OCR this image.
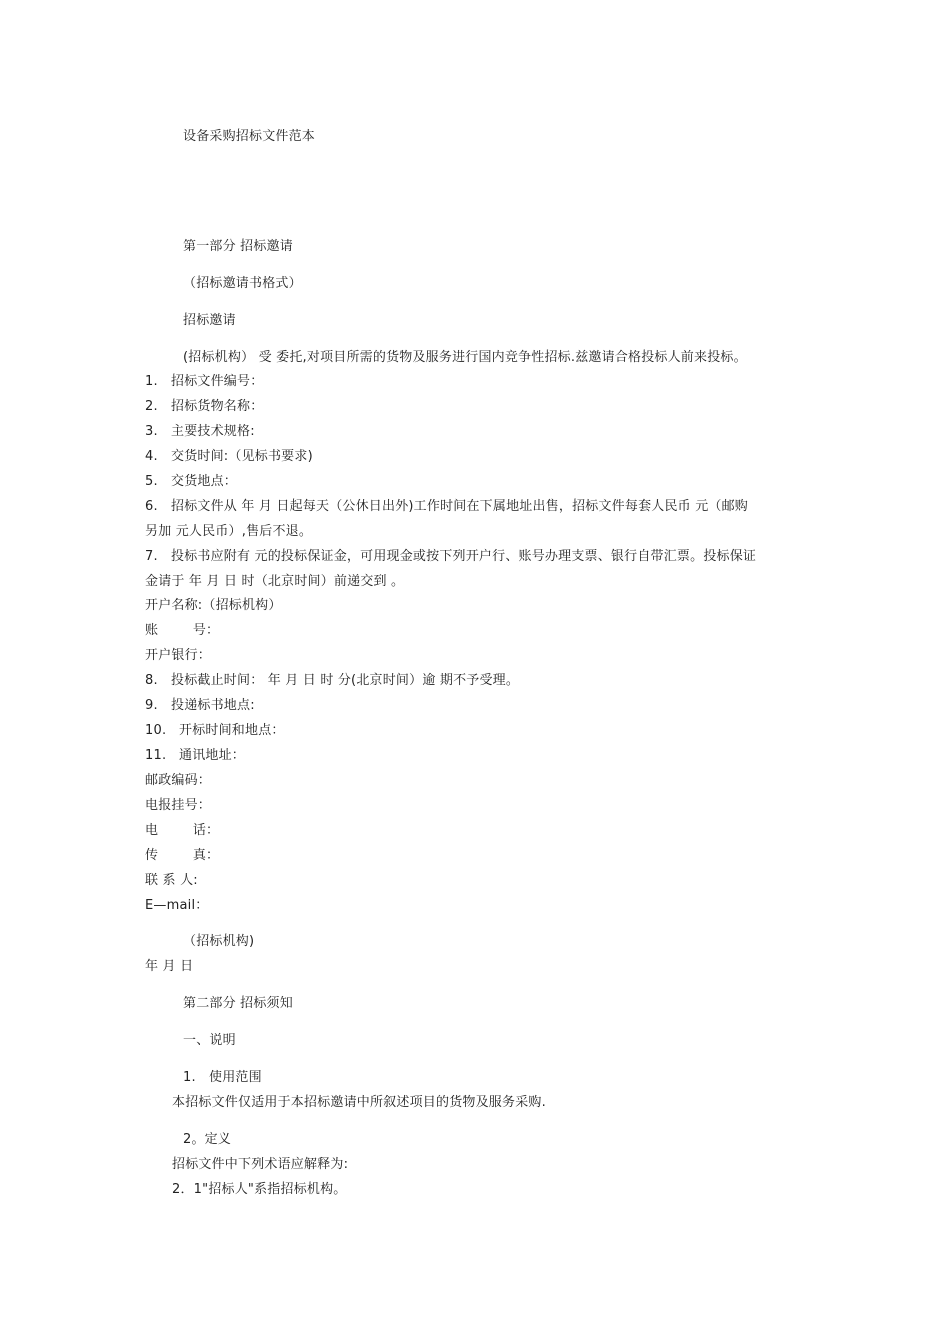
设备采购招标文件范本
第一部分 招标邀请
（招标邀请书格式）
招标邀请
(招标机构） 受 委托,对项目所需的货物及服务进行国内竞争性招标.兹邀请合格投标人前来投标。
1. 招标文件编号：
2. 招标货物名称：
3. 主要技术规格:
4. 交货时间:（见标书要求)
5. 交货地点：
6. 招标文件从 年 月 日起每天（公休日出外)工作时间在下属地址出售，招标文件每套人民币 元（邮购
另加 元人民币）,售后不退。
7. 投标书应附有 元的投标保证金，可用现金或按下列开户行、账号办理支票、银行自带汇票。投标保证
金请于 年 月 日 时（北京时间）前递交到 。
开户名称:（招标机构）
账        号：
开户银行：
8. 投标截止时间： 年 月 日 时 分(北京时间）逾 期不予受理。
9. 投递标书地点:
10. 开标时间和地点：
11. 通讯地址：
邮政编码：
电报挂号：
电        话：
传        真：
联 系 人:
E—mail：
（招标机构)
年 月 日
第二部分 招标须知
一、说明
1. 使用范围
本招标文件仅适用于本招标邀请中所叙述项目的货物及服务采购.
2。定义
招标文件中下列术语应解释为:
2．1"招标人"系指招标机构。
